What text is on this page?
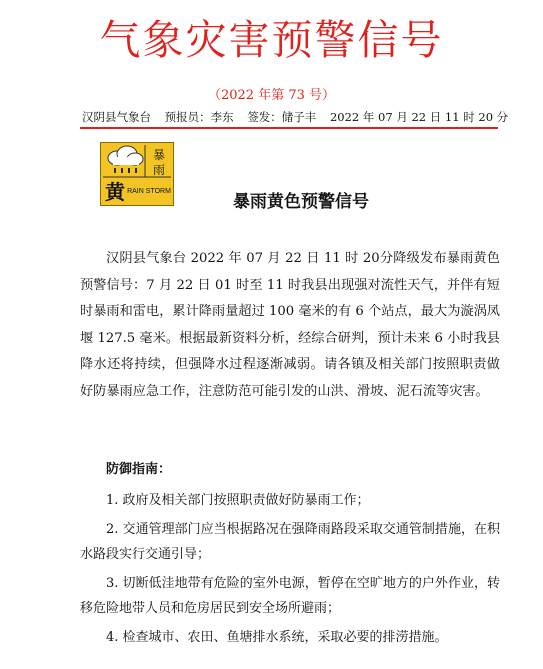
气象灾害预警信号
（2022 年第 73 号）
汉阴县气象台 预报员：李东 签发：储子丰 2022 年 07 月 22 日 11 时 20 分
暴
雨
黄 RAIN STORM
暴雨黄色预警信号
汉阴县气象台 2022 年 07 月 22 日 11 时 20分降级发布暴雨黄色预警信号：7 月 22 日 01 时至 11 时我县出现强对流性天气，并伴有短时暴雨和雷电，累计降雨量超过 100 毫米的有 6 个站点，最大为漩涡凤堰 127.5 毫米。根据最新资料分析，经综合研判，预计未来 6 小时我县降水还将持续，但强降水过程逐渐减弱。请各镇及相关部门按照职责做好防暴雨应急工作，注意防范可能引发的山洪、滑坡、泥石流等灾害。
防御指南：
1. 政府及相关部门按照职责做好防暴雨工作；
2. 交通管理部门应当根据路况在强降雨路段采取交通管制措施，在积水路段实行交通引导；
3. 切断低洼地带有危险的室外电源，暂停在空旷地方的户外作业，转移危险地带人员和危房居民到安全场所避雨；
4. 检查城市、农田、鱼塘排水系统，采取必要的排涝措施。
